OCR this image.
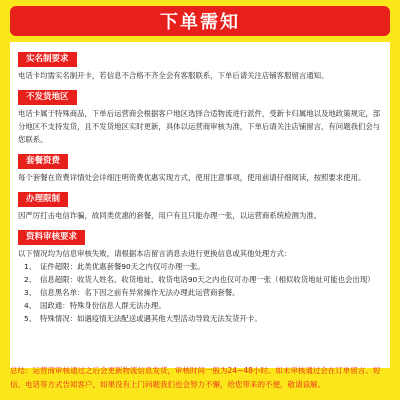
下单需知
实名制要求

电话卡均需实名制开卡，若信息不合格不齐全会有客服联系，下单后请关注店铺客服留言通知。

不发货地区

电话卡属于特殊商品，下单后运营商会根据客户地区选择合适物流进行派件，受新卡归属地以及地政策规定，部分地区不支持发货，且不发货地区实时更新，具体以运营商审核为准，下单后请关注店铺留言，有问题我们会与您联系。

套餐资费

每个套餐在资费详情处会详细注明资费优惠实现方式，使用注意事项，使用前请仔细阅读，按照要求使用。

办理限制

因严厉打击电信诈骗，故同类优惠的套餐，用户有且只能办理一张，以运营商系统检测为准。

资料审核要求

以下情况均为信息审核失败，请根据本店留言消息去进行更换信息或其他处理方式：

1、 证件超限：此类优惠套餐90天之内仅可办理一张。
2、 信息超限：收货人姓名、收货地址、收货电话90天之内也仅可办理一张（相似收货地址可能也会出现）
3、 信息黑名单：名下因之前有异常操作无法办理此运营商套餐。
4、 国政通：特殊身份信息人群无法办理。
5、 特殊情况：如遇疫情无法配送或遇其他大型活动导致无法发货开卡。
总结：运营商审核通过之后会更新物流信息发货，审核时间一般为24~48小时。如未审核通过会在订单留言、短信、电话等方式告知客户，如果没有上门问题我们也会努力不懈，给您带来的不便，敬请谅解。
